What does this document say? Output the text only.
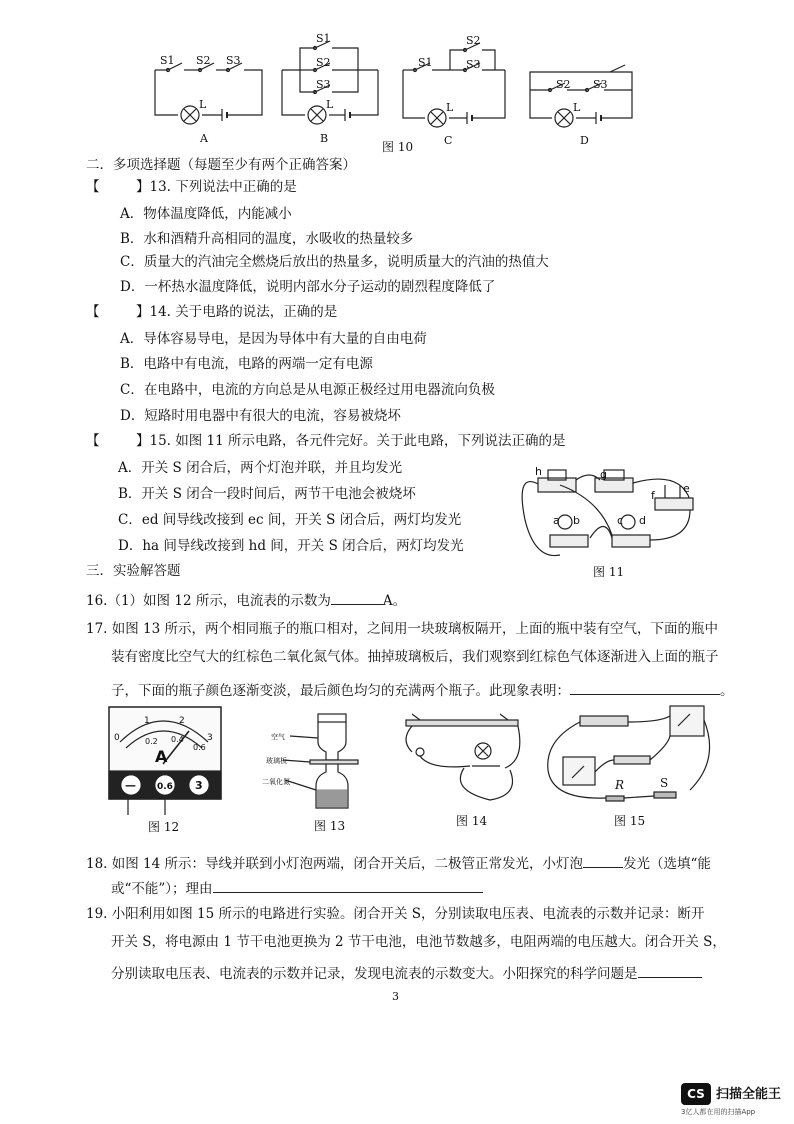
S1 S2 S3
L
A
S1
S2
S3
L
B
S1
S2
S3
L
C
S2 S3
L
D
图 10
二．多项选择题（每题至少有两个正确答案）
【	】13. 下列说法中正确的是
A．物体温度降低，内能减小
B．水和酒精升高相同的温度，水吸收的热量较多
C．质量大的汽油完全燃烧后放出的热量多，说明质量大的汽油的热值大
D．一杯热水温度降低，说明内部水分子运动的剧烈程度降低了
【	】14. 关于电路的说法，正确的是
A．导体容易导电，是因为导体中有大量的自由电荷
B．电路中有电流，电路的两端一定有电源
C．在电路中，电流的方向总是从电源正极经过用电器流向负极
D．短路时用电器中有很大的电流，容易被烧坏
【	】15. 如图 11 所示电路，各元件完好。关于此电路，下列说法正确的是
A．开关 S 闭合后，两个灯泡并联，并且均发光
B．开关 S 闭合一段时间后，两节干电池会被烧坏
C．ed 间导线改接到 ec 间，开关 S 闭合后，两灯均发光
D．ha 间导线改接到 hd 间，开关 S 闭合后，两灯均发光
h	g
f
e
a b	c d
图 11
三．实验解答题
16.（1）如图 12 所示，电流表的示数为	A。
17. 如图 13 所示，两个相同瓶子的瓶口相对，之间用一块玻璃板隔开，上面的瓶中装有空气，下面的瓶中
装有密度比空气大的红棕色二氧化氮气体。抽掉玻璃板后，我们观察到红棕色气体逐渐进入上面的瓶子
子，下面的瓶子颜色逐渐变淡，最后颜色均匀的充满两个瓶子。此现象表明：	。
0
1	2
3
0.2 0.4
0.6
A
— 0.6 3
图 12
空气
玻璃板
二氧化氮
图 13	图 14
R	S
图 15
18. 如图 14 所示：导线并联到小灯泡两端，闭合开关后，二极管正常发光，小灯泡	发光（选填“能
或“不能”）；理由
19. 小阳利用如图 15 所示的电路进行实验。闭合开关 S，分别读取电压表、电流表的示数并记录：断开
开关 S，将电源由 1 节干电池更换为 2 节干电池，电池节数越多，电阻两端的电压越大。闭合开关 S，
分别读取电压表、电流表的示数并记录，发现电流表的示数变大。小阳探究的科学问题是
3
CS 扫描全能王
3亿人都在用的扫描App
